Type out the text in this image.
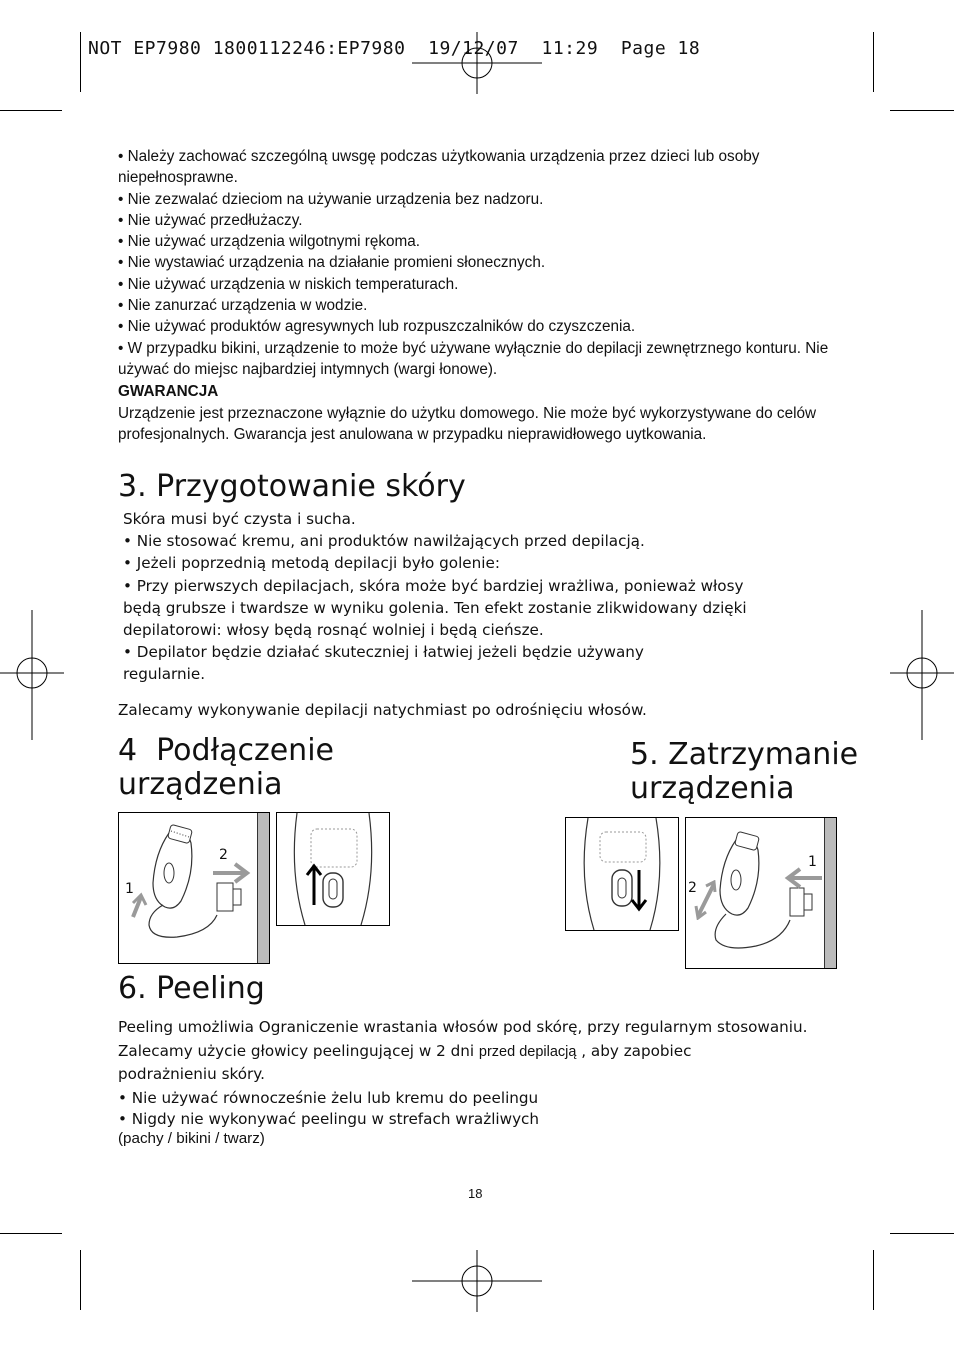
NOT EP7980 1800112246:EP7980  19/12/07  11:29  Page 18
• Należy zachować szczególną uwsgę podczas użytkowania urządzenia przez dzieci lub osoby niepełnosprawne.
• Nie zezwalać dzieciom na używanie urządzenia bez nadzoru.
• Nie używać przedłużaczy.
• Nie używać urządzenia wilgotnymi rękoma.
• Nie wystawiać urządzenia na działanie promieni słonecznych.
• Nie używać urządzenia w niskich temperaturach.
• Nie zanurzać urządzenia w wodzie.
• Nie używać produktów agresywnych lub rozpuszczalników do czyszczenia.
• W przypadku bikini, urządzenie to może być używane wyłącznie do depilacji zewnętrznego konturu. Nie używać do miejsc najbardziej intymnych (wargi łonowe).
GWARANCJA
Urządzenie jest przeznaczone wyłąznie do użytku domowego. Nie może być wykorzystywane do celów profesjonalnych. Gwarancja jest anulowana w przypadku nieprawidłowego uytkowania.
3. Przygotowanie skóry
Skóra musi być czysta i sucha.
• Nie stosować kremu, ani produktów nawilżających przed depilacją.
• Jeżeli poprzednią metodą depilacji było golenie:
• Przy pierwszych depilacjach, skóra może być bardziej wrażliwa, ponieważ włosy będą grubsze i twardsze w wyniku golenia. Ten efekt zostanie zlikwidowany dzięki depilatorowi: włosy będą rosnąć wolniej i będą cieńsze.
• Depilator będzie działać skuteczniej i łatwiej jeżeli będzie używany regularnie.
Zalecamy wykonywanie depilacji natychmiast po odrośnięciu włosów.
4  Podłączenie
urządzenia
2
1
5. Zatrzymanie
urządzenia
1
2
6. Peeling
Peeling umożliwia Ograniczenie wrastania włosów pod skórę, przy regularnym stosowaniu.
Zalecamy użycie głowicy peelingującej w 2 dni przed depilacją , aby zapobiec podrażnieniu skóry.
• Nie używać równocześnie żelu lub kremu do peelingu
• Nigdy nie wykonywać peelingu w strefach wrażliwych
(pachy / bikini / twarz)
18
